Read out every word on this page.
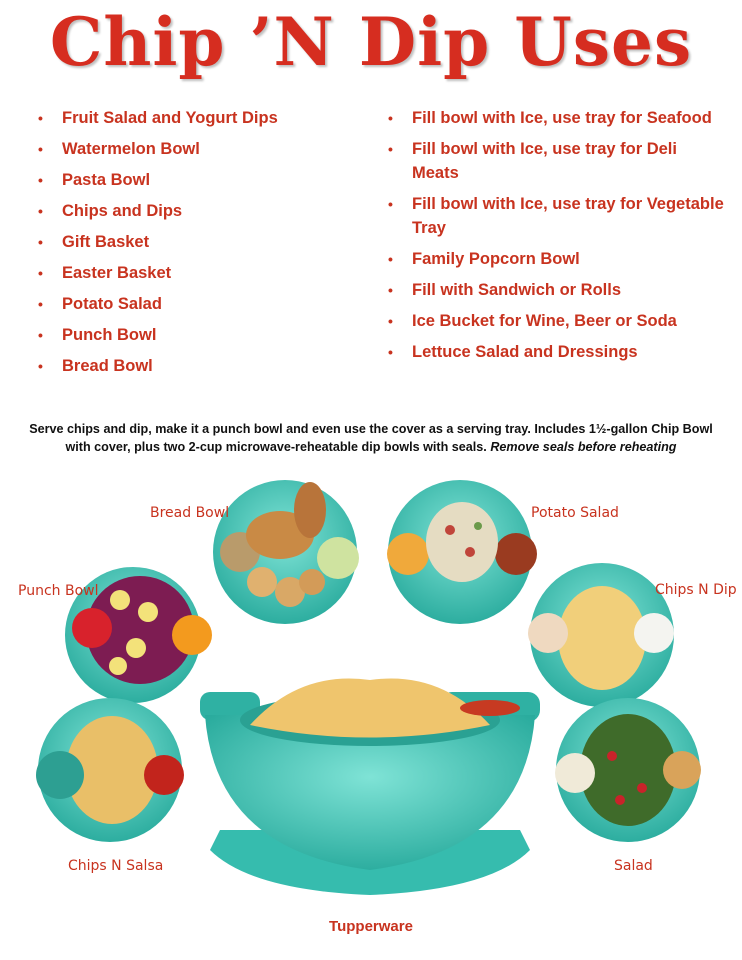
Chip ’N Dip Uses
• Fruit Salad and Yogurt Dips
• Watermelon Bowl
• Pasta Bowl
• Chips and Dips
• Gift Basket
• Easter Basket
• Potato Salad
• Punch Bowl
• Bread Bowl
• Fill bowl with Ice, use tray for Seafood
• Fill bowl with Ice, use tray for Deli Meats
• Fill bowl with Ice, use tray for Vegetable Tray
• Family Popcorn Bowl
• Fill with Sandwich or Rolls
• Ice Bucket for Wine, Beer or Soda
• Lettuce Salad and Dressings
Serve chips and dip, make it a punch bowl and even use the cover as a serving tray. Includes 1½-gallon Chip Bowl with cover, plus two 2-cup microwave-reheatable dip bowls with seals. Remove seals before reheating
Bread Bowl	Potato Salad
Punch Bowl	Chips N Dip
Chips N Salsa	Salad
Tupperware
